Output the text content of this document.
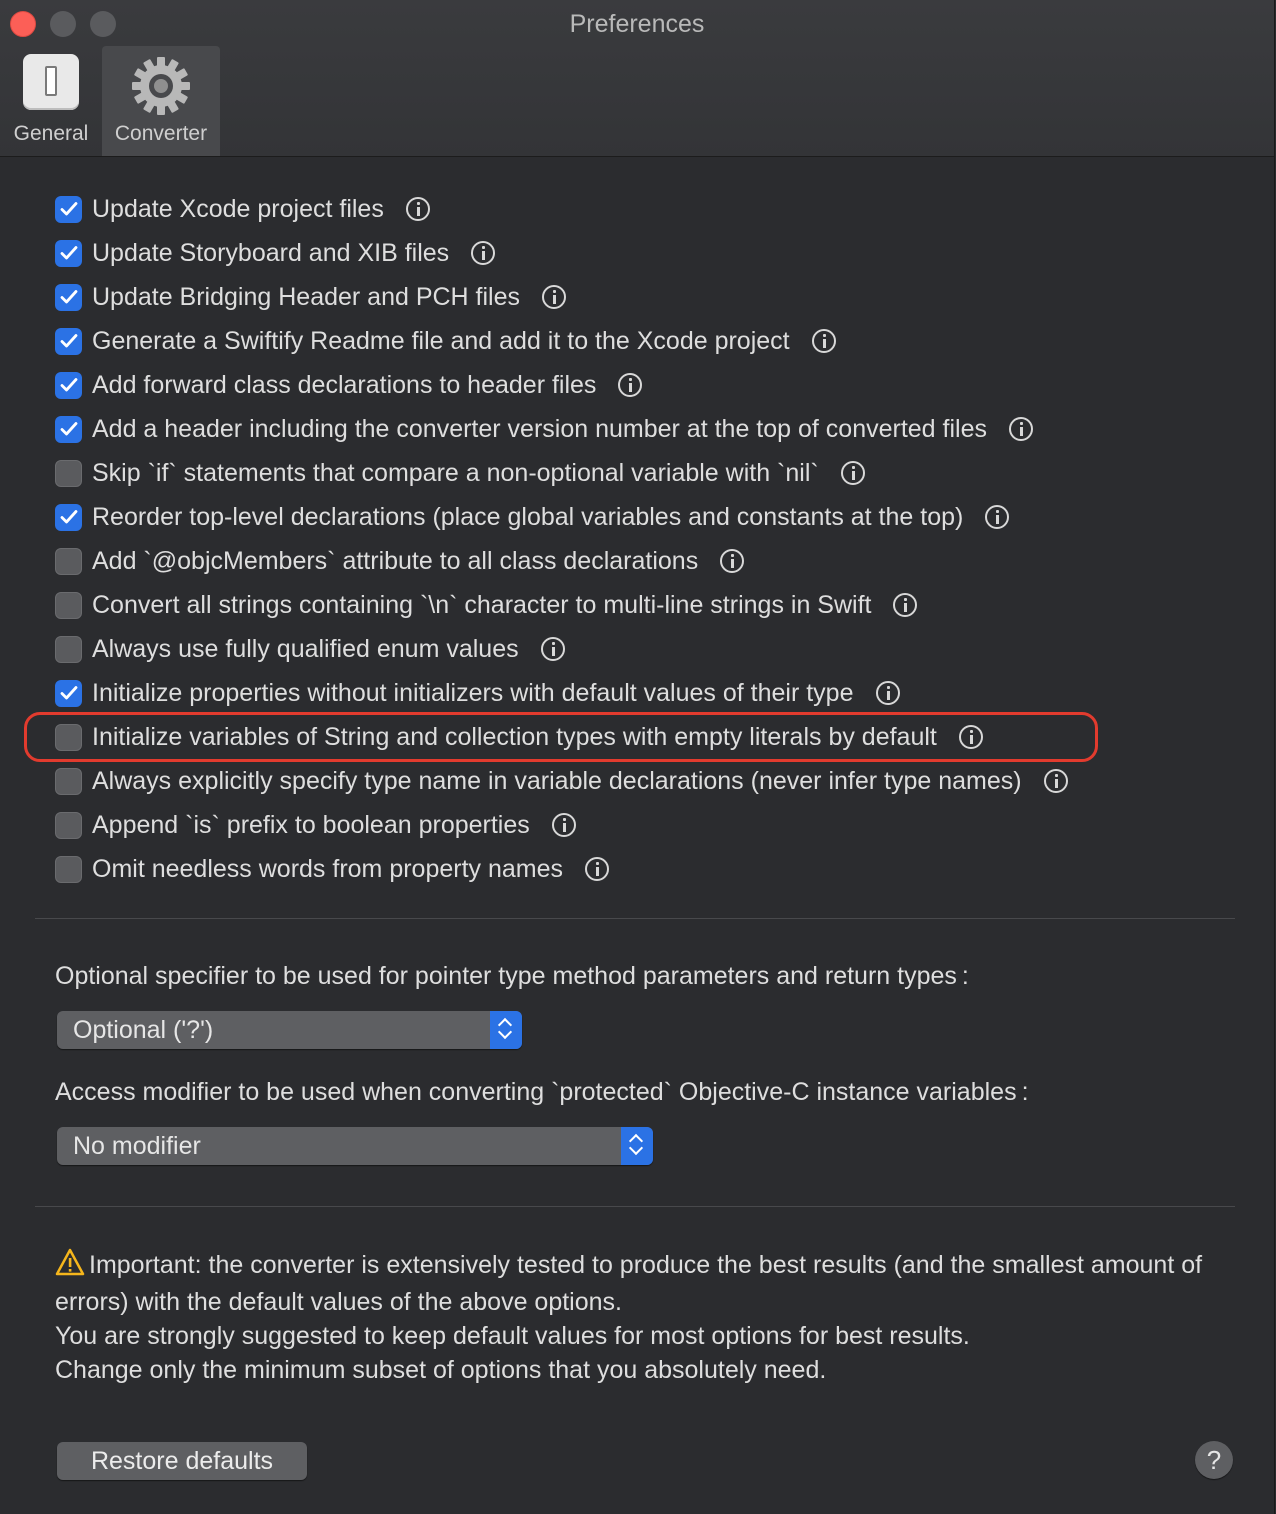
Preferences
General	Converter
Update Xcode project files
Update Storyboard and XIB files
Update Bridging Header and PCH files
Generate a Swiftify Readme file and add it to the Xcode project
Add forward class declarations to header files
Add a header including the converter version number at the top of converted files
Skip `if` statements that compare a non-optional variable with `nil`
Reorder top-level declarations (place global variables and constants at the top)
Add `@objcMembers` attribute to all class declarations
Convert all strings containing `\n` character to multi-line strings in Swift
Always use fully qualified enum values
Initialize properties without initializers with default values of their type
Initialize variables of String and collection types with empty literals by default
Always explicitly specify type name in variable declarations (never infer type names)
Append `is` prefix to boolean properties
Omit needless words from property names
Optional specifier to be used for pointer type method parameters and return types :
Optional ('?')
Access modifier to be used when converting `protected` Objective-C instance variables :
No modifier
Important: the converter is extensively tested to produce the best results (and the smallest amount of errors) with the default values of the above options.
You are strongly suggested to keep default values for most options for best results.
Change only the minimum subset of options that you absolutely need.
Restore defaults	?
